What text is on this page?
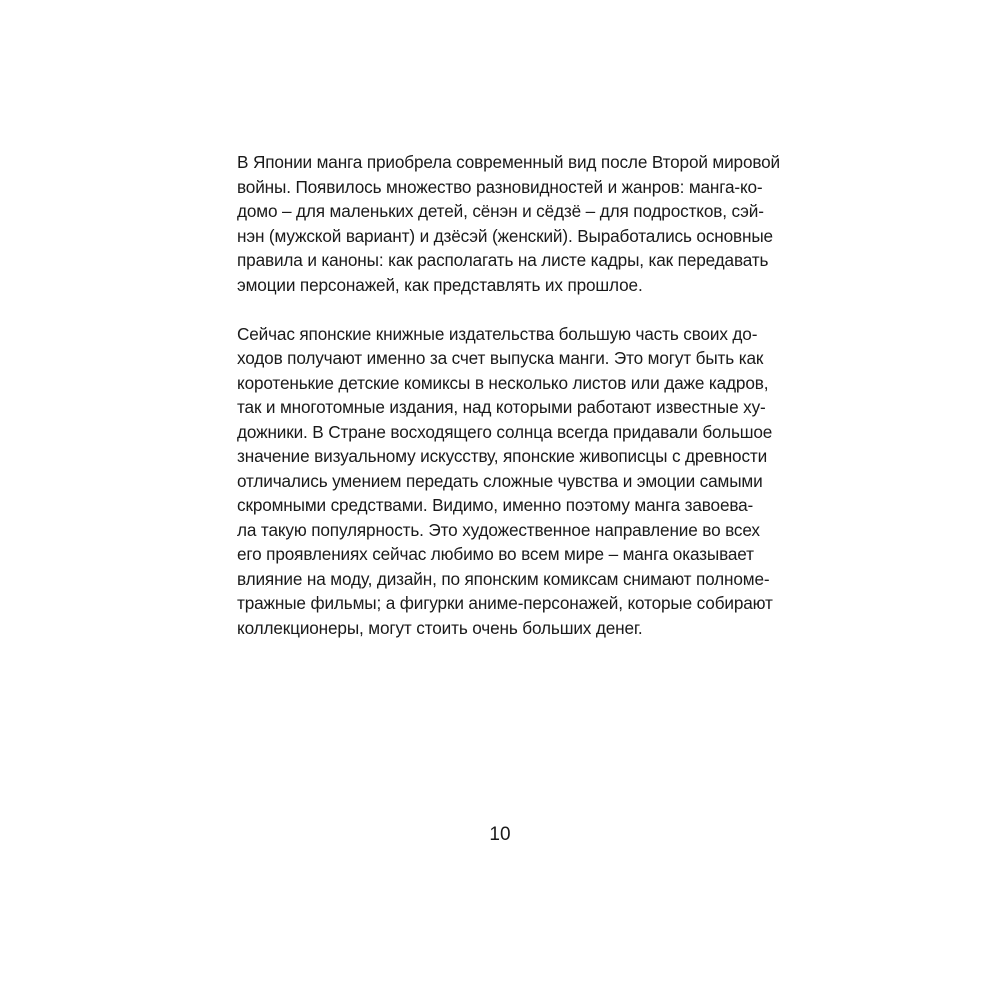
В Японии манга приобрела современный вид после Второй мировой
войны. Появилось множество разновидностей и жанров: манга-ко-
домо – для маленьких детей, сёнэн и сёдзё – для подростков, сэй-
нэн (мужской вариант) и дзёсэй (женский). Выработались основные
правила и каноны: как располагать на листе кадры, как передавать
эмоции персонажей, как представлять их прошлое.

Сейчас японские книжные издательства большую часть своих до-
ходов получают именно за счет выпуска манги. Это могут быть как
коротенькие детские комиксы в несколько листов или даже кадров,
так и многотомные издания, над которыми работают известные ху-
дожники. В Стране восходящего солнца всегда придавали большое
значение визуальному искусству, японские живописцы с древности
отличались умением передать сложные чувства и эмоции самыми
скромными средствами. Видимо, именно поэтому манга завоева-
ла такую популярность. Это художественное направление во всех
его проявлениях сейчас любимо во всем мире – манга оказывает
влияние на моду, дизайн, по японским комиксам снимают полноме-
тражные фильмы; а фигурки аниме-персонажей, которые собирают
коллекционеры, могут стоить очень больших денег.

10
